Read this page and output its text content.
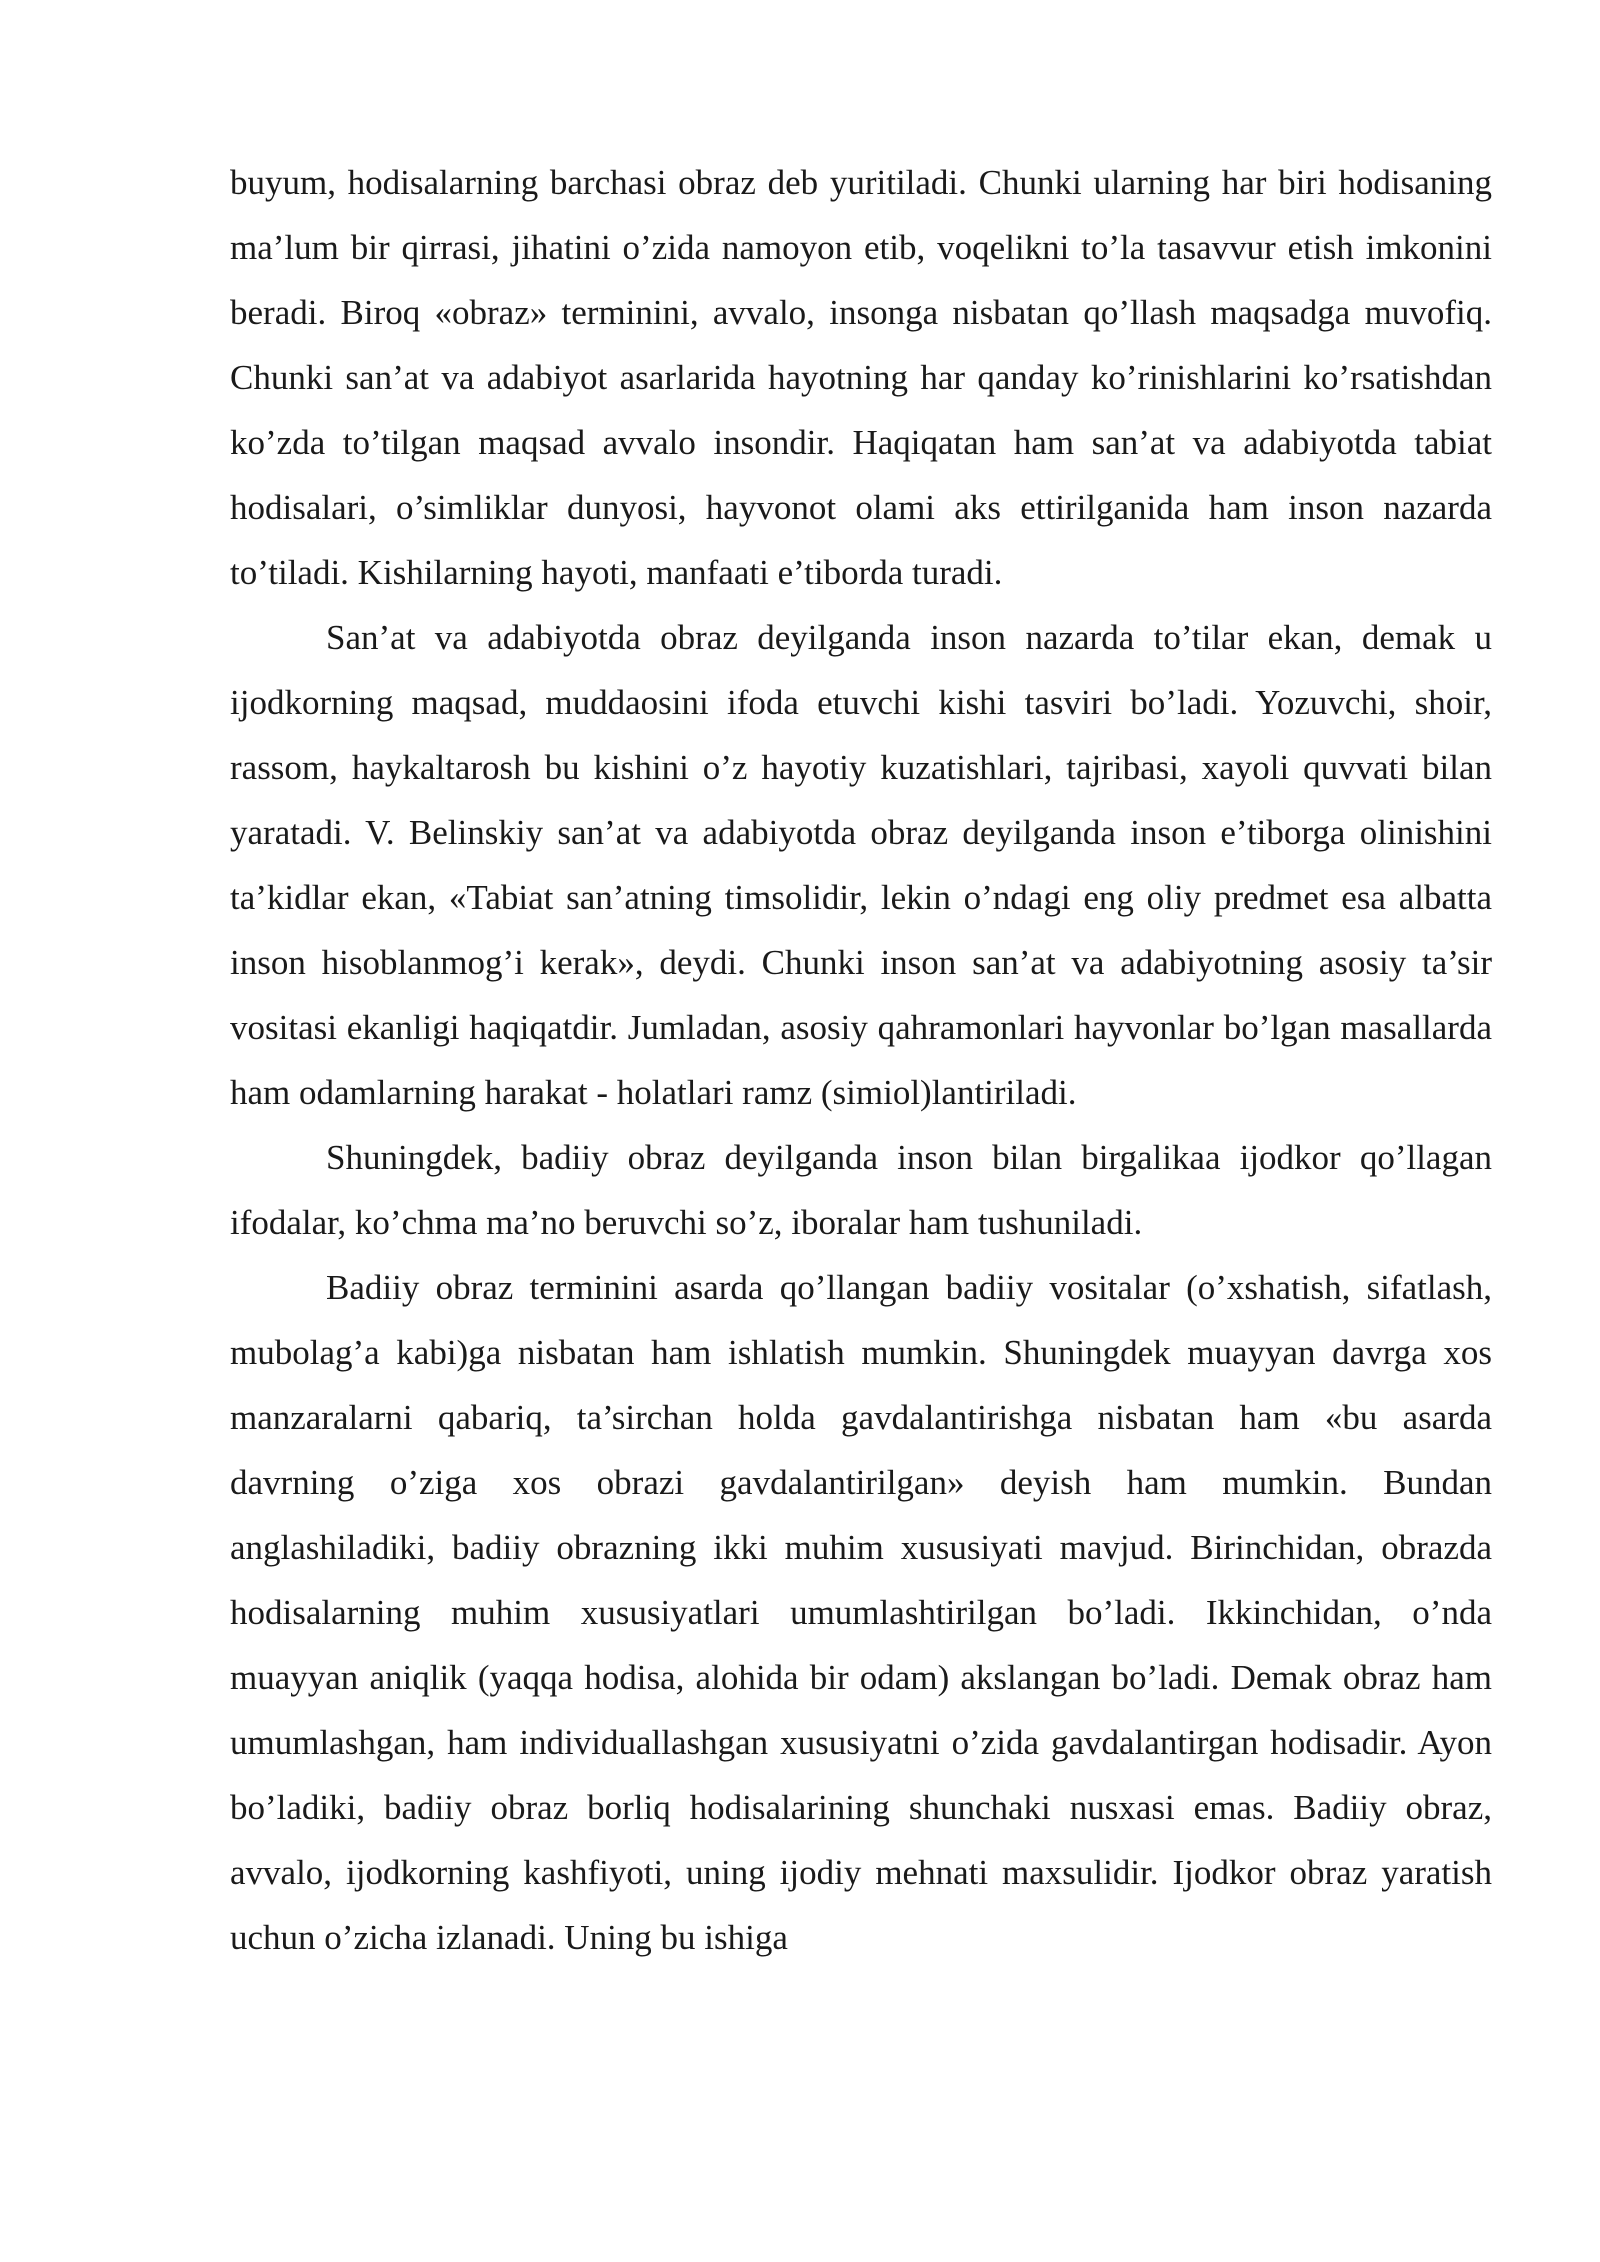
buyum, hodisalarning barchasi obraz deb yuritiladi. Chunki ularning har biri hodisaning ma’lum bir qirrasi, jihatini o’zida namoyon etib, voqelikni to’la tasavvur etish imkonini beradi. Biroq «obraz» terminini, avvalo, insonga nisbatan qo’llash maqsadga muvofiq. Chunki san’at va adabiyot asarlarida hayotning har qanday ko’rinishlarini ko’rsatishdan ko’zda to’tilgan maqsad avvalo insondir. Haqiqatan ham san’at va adabiyotda tabiat hodisalari, o’simliklar dunyosi, hayvonot olami aks ettirilganida ham inson nazarda to’tiladi. Kishilarning hayoti, manfaati e’tiborda turadi.

San’at va adabiyotda obraz deyilganda inson nazarda to’tilar ekan, demak u ijodkorning maqsad, muddaosini ifoda etuvchi kishi tasviri bo’ladi. Yozuvchi, shoir, rassom, haykaltarosh bu kishini o’z hayotiy kuzatishlari, tajribasi, xayoli quvvati bilan yaratadi. V. Belinskiy san’at va adabiyotda obraz deyilganda inson e’tiborga olinishini ta’kidlar ekan, «Tabiat san’atning timsolidir, lekin o’ndagi eng oliy predmet esa albatta inson hisoblanmog’i kerak», deydi. Chunki inson san’at va adabiyotning asosiy ta’sir vositasi ekanligi haqiqatdir. Jumladan, asosiy qahramonlari hayvonlar bo’lgan masallarda ham odamlarning harakat - holatlari ramz (simiol)lantiriladi.

Shuningdek, badiiy obraz deyilganda inson bilan birgalikaa ijodkor qo’llagan ifodalar, ko’chma ma’no beruvchi so’z, iboralar ham tushuniladi.

Badiiy obraz terminini asarda qo’llangan badiiy vositalar (o’xshatish, sifatlash, mubolag’a kabi)ga nisbatan ham ishlatish mumkin. Shuningdek muayyan davrga xos manzaralarni qabariq, ta’sirchan holda gavdalantirishga nisbatan ham «bu asarda davrning o’ziga xos obrazi gavdalantirilgan» deyish ham mumkin. Bundan anglashiladiki, badiiy obrazning ikki muhim xususiyati mavjud. Birinchidan, obrazda hodisalarning muhim xususiyatlari umumlashtirilgan bo’ladi. Ikkinchidan, o’nda muayyan aniqlik (yaqqa hodisa, alohida bir odam) akslangan bo’ladi. Demak obraz ham umumlashgan, ham individuallashgan xususiyatni o’zida gavdalantirgan hodisadir. Ayon bo’ladiki, badiiy obraz borliq hodisalarining shunchaki nusxasi emas. Badiiy obraz, avvalo, ijodkorning kashfiyoti, uning ijodiy mehnati maxsulidir. Ijodkor obraz yaratish uchun o’zicha izlanadi. Uning bu ishiga
